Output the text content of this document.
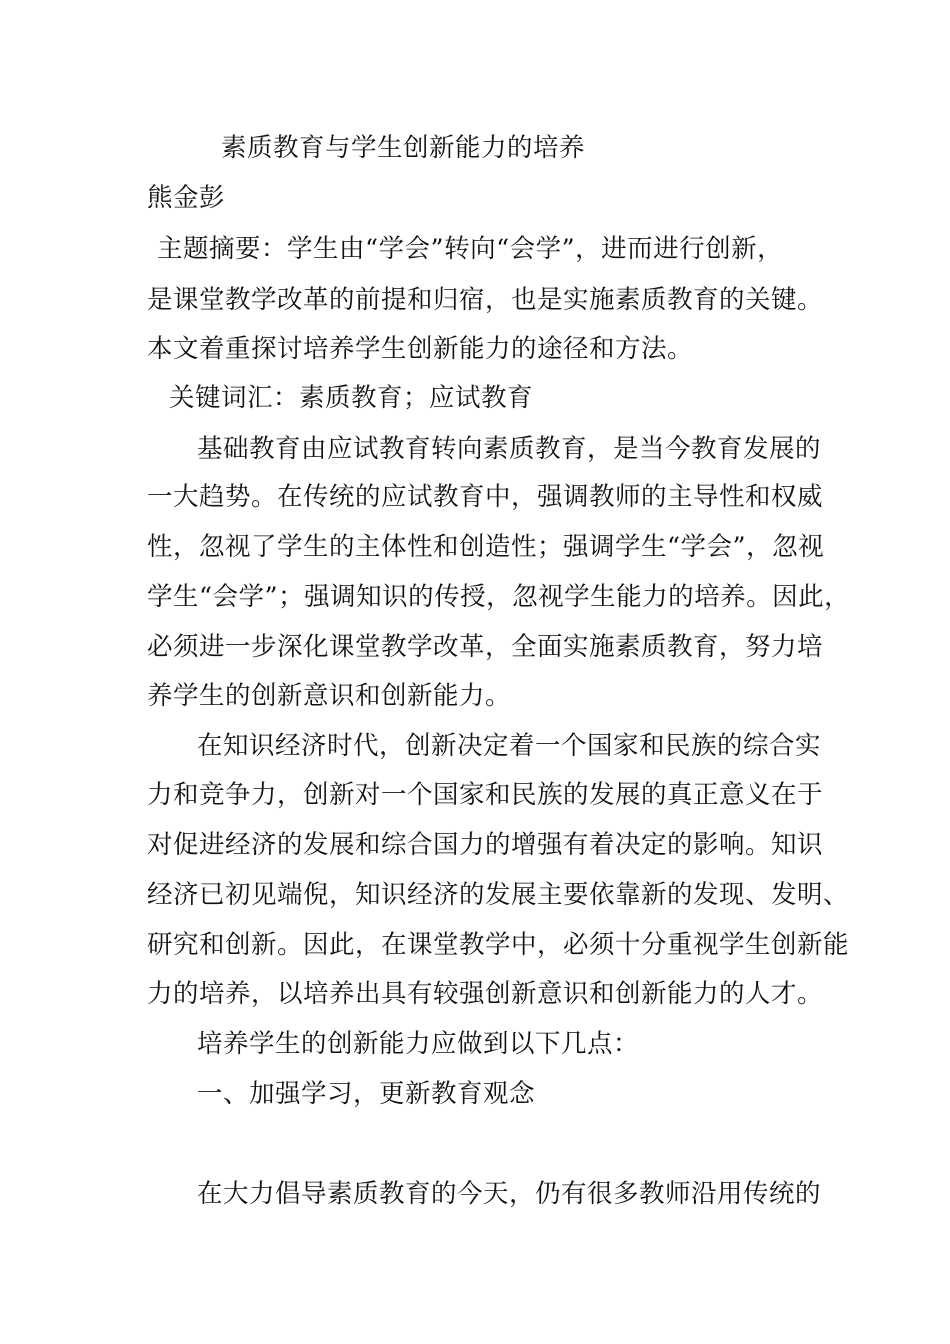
素质教育与学生创新能力的培养
熊金彭
主题摘要：学生由“学会”转向“会学”，进而进行创新，
是课堂教学改革的前提和归宿，也是实施素质教育的关键。
本文着重探讨培养学生创新能力的途径和方法。
关键词汇：素质教育；应试教育
基础教育由应试教育转向素质教育，是当今教育发展的
一大趋势。在传统的应试教育中，强调教师的主导性和权威
性，忽视了学生的主体性和创造性；强调学生“学会”，忽视
学生“会学”；强调知识的传授，忽视学生能力的培养。因此，
必须进一步深化课堂教学改革，全面实施素质教育，努力培
养学生的创新意识和创新能力。
在知识经济时代，创新决定着一个国家和民族的综合实
力和竞争力，创新对一个国家和民族的发展的真正意义在于
对促进经济的发展和综合国力的增强有着决定的影响。知识
经济已初见端倪，知识经济的发展主要依靠新的发现、发明、
研究和创新。因此，在课堂教学中，必须十分重视学生创新能
力的培养，以培养出具有较强创新意识和创新能力的人才。
培养学生的创新能力应做到以下几点：
一、加强学习，更新教育观念
在大力倡导素质教育的今天，仍有很多教师沿用传统的
